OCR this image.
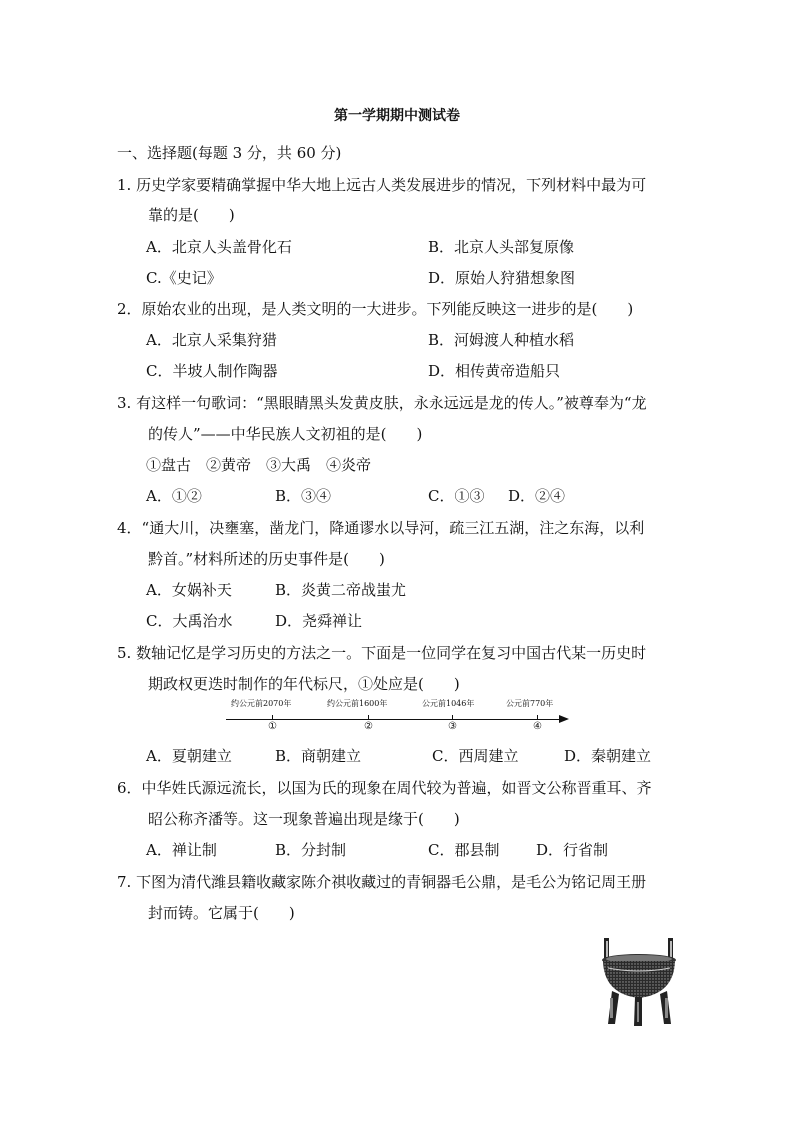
第一学期期中测试卷
一、选择题(每题 3 分，共 60 分)
1. 历史学家要精确掌握中华大地上远古人类发展进步的情况，下列材料中最为可
靠的是(　　)
A．北京人头盖骨化石	B．北京人头部复原像
C.《史记》	D．原始人狩猎想象图
2．原始农业的出现，是人类文明的一大进步。下列能反映这一进步的是(　　)
A．北京人采集狩猎	B．河姆渡人种植水稻
C．半坡人制作陶器	D．相传黄帝造船只
3. 有这样一句歌词：“黑眼睛黑头发黄皮肤，永永远远是龙的传人。”被尊奉为“龙
的传人”——中华民族人文初祖的是(　　)
①盘古　②黄帝　③大禹　④炎帝
A．①②	B．③④	C．①③ D．②④
4．“通大川，决壅塞，凿龙门，降通谬水以导河，疏三江五湖，注之东海，以利
黔首。”材料所述的历史事件是(　　)
A．女娲补天	B．炎黄二帝战蚩尤
C．大禹治水	D．尧舜禅让
5. 数轴记忆是学习历史的方法之一。下面是一位同学在复习中国古代某一历史时
期政权更迭时制作的年代标尺，①处应是(　　)
约公元前2070年	约公元前1600年	公元前1046年	公元前770年
①	②	③	④
A．夏朝建立	B．商朝建立	C．西周建立	D．秦朝建立
6．中华姓氏源远流长，以国为氏的现象在周代较为普遍，如晋文公称晋重耳、齐
昭公称齐潘等。这一现象普遍出现是缘于(　　)
A．禅让制	B．分封制	C．郡县制 D．行省制
7. 下图为清代潍县籍收藏家陈介祺收藏过的青铜器毛公鼎，是毛公为铭记周王册
封而铸。它属于(　　)
